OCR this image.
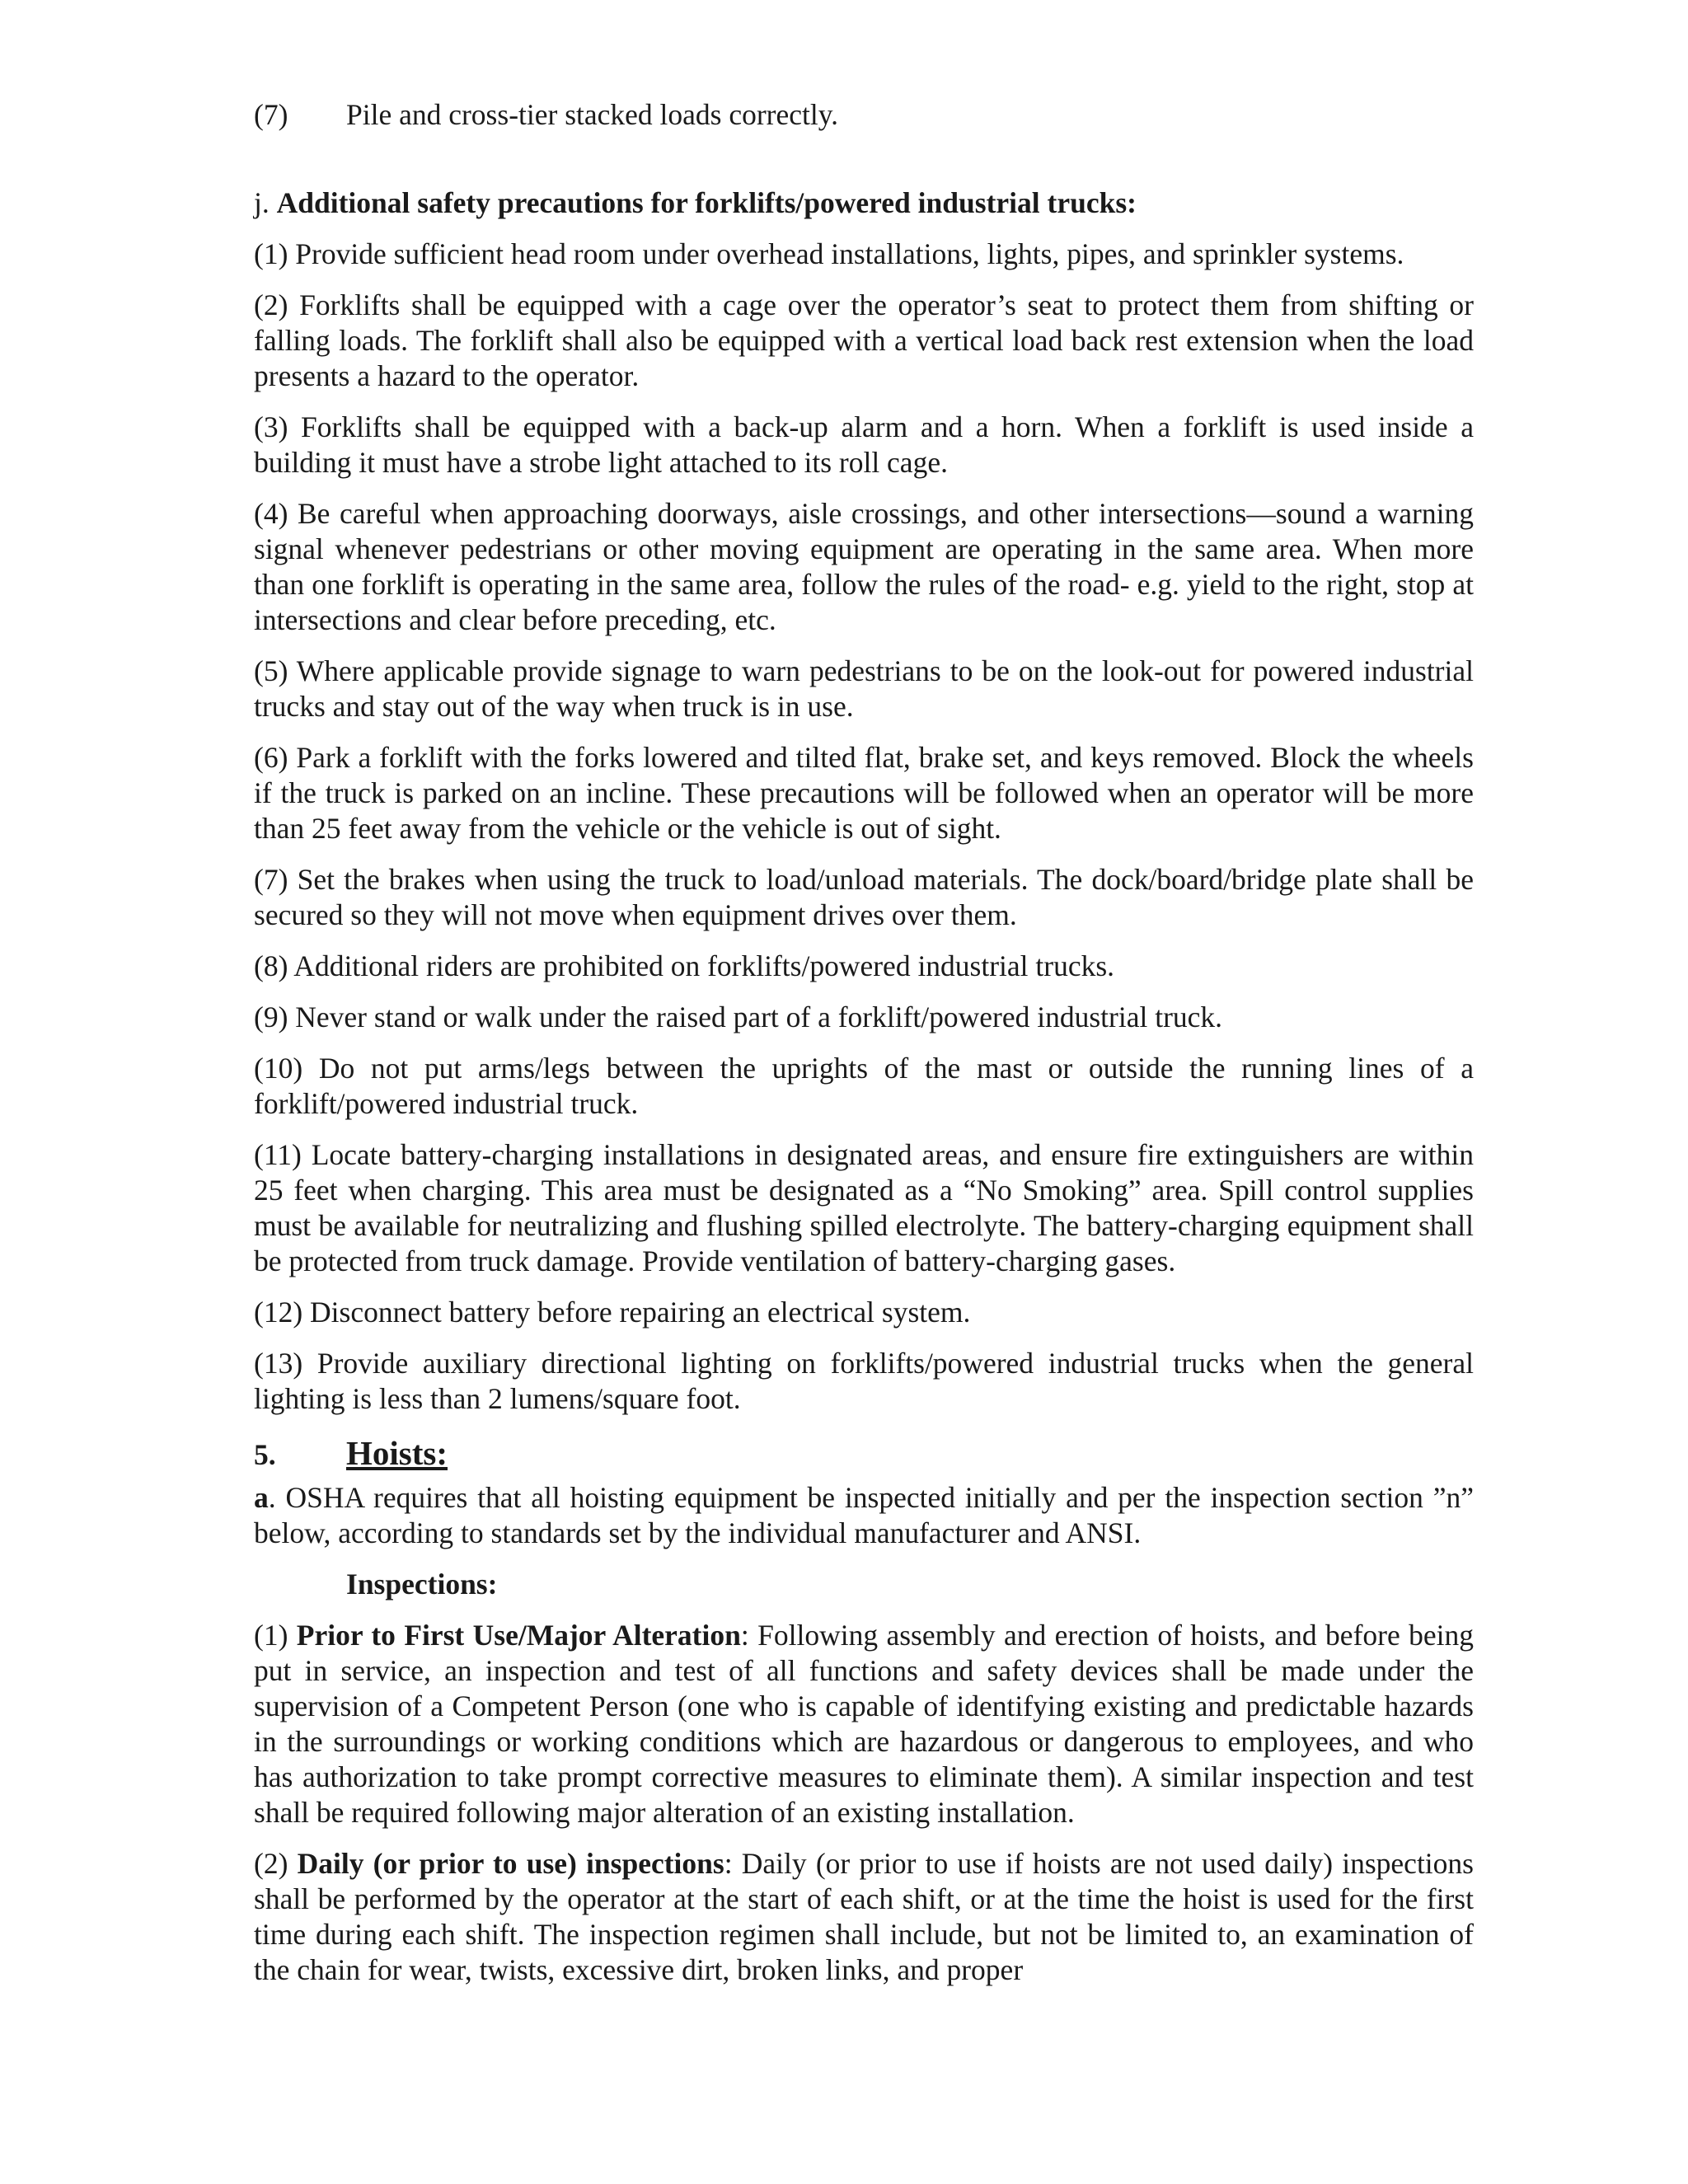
(7) Pile and cross-tier stacked loads correctly.

j. Additional safety precautions for forklifts/powered industrial trucks:

(1) Provide sufficient head room under overhead installations, lights, pipes, and sprinkler systems.

(2) Forklifts shall be equipped with a cage over the operator’s seat to protect them from shifting or falling loads. The forklift shall also be equipped with a vertical load back rest extension when the load presents a hazard to the operator.

(3) Forklifts shall be equipped with a back-up alarm and a horn. When a forklift is used inside a building it must have a strobe light attached to its roll cage.

(4) Be careful when approaching doorways, aisle crossings, and other intersections—sound a warning signal whenever pedestrians or other moving equipment are operating in the same area. When more than one forklift is operating in the same area, follow the rules of the road- e.g. yield to the right, stop at intersections and clear before preceding, etc.

(5) Where applicable provide signage to warn pedestrians to be on the look-out for powered industrial trucks and stay out of the way when truck is in use.

(6) Park a forklift with the forks lowered and tilted flat, brake set, and keys removed. Block the wheels if the truck is parked on an incline. These precautions will be followed when an operator will be more than 25 feet away from the vehicle or the vehicle is out of sight.

(7) Set the brakes when using the truck to load/unload materials. The dock/board/bridge plate shall be secured so they will not move when equipment drives over them.

(8) Additional riders are prohibited on forklifts/powered industrial trucks.

(9) Never stand or walk under the raised part of a forklift/powered industrial truck.

(10) Do not put arms/legs between the uprights of the mast or outside the running lines of a forklift/powered industrial truck.

(11) Locate battery-charging installations in designated areas, and ensure fire extinguishers are within 25 feet when charging. This area must be designated as a “No Smoking” area. Spill control supplies must be available for neutralizing and flushing spilled electrolyte. The battery-charging equipment shall be protected from truck damage. Provide ventilation of battery-charging gases.

(12) Disconnect battery before repairing an electrical system.

(13) Provide auxiliary directional lighting on forklifts/powered industrial trucks when the general lighting is less than 2 lumens/square foot.

5. Hoists:

a. OSHA requires that all hoisting equipment be inspected initially and per the inspection section ”n” below, according to standards set by the individual manufacturer and ANSI.

Inspections:

(1) Prior to First Use/Major Alteration: Following assembly and erection of hoists, and before being put in service, an inspection and test of all functions and safety devices shall be made under the supervision of a Competent Person (one who is capable of identifying existing and predictable hazards in the surroundings or working conditions which are hazardous or dangerous to employees, and who has authorization to take prompt corrective measures to eliminate them). A similar inspection and test shall be required following major alteration of an existing installation.

(2) Daily (or prior to use) inspections: Daily (or prior to use if hoists are not used daily) inspections shall be performed by the operator at the start of each shift, or at the time the hoist is used for the first time during each shift. The inspection regimen shall include, but not be limited to, an examination of the chain for wear, twists, excessive dirt, broken links, and proper
